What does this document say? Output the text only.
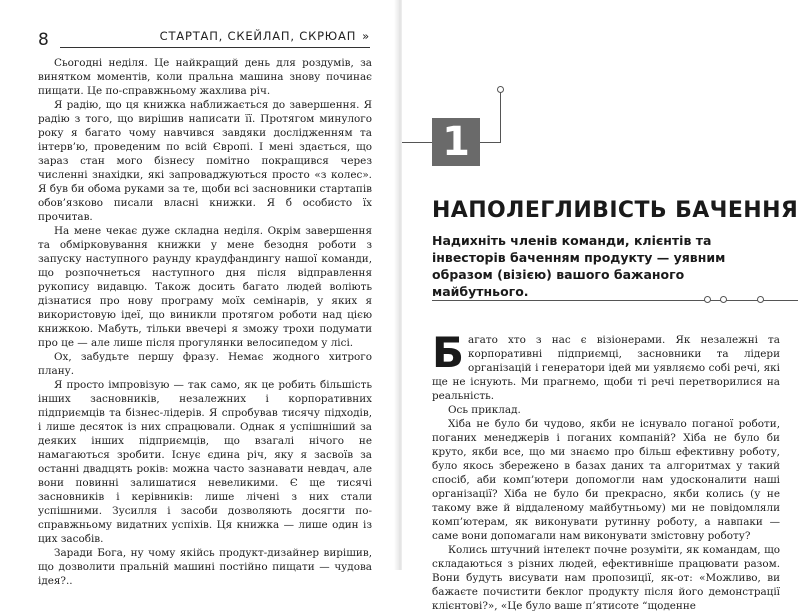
8	СТАРТАП, СКЕЙЛАП, СКРЮАП »

Сьогодні неділя. Це найкращий день для роздумів, за винятком моментів, коли пральна машина знову починає пищати. Це по-справжньому жахлива річ.

Я радію, що ця книжка наближається до завершення. Я радію з того, що вирішив написати її. Протягом минулого року я багато чому навчився завдяки дослідженням та інтерв’ю, проведеним по всій Європі. І мені здається, що зараз стан мого бізнесу помітно покращився через численні знахідки, які запроваджуються просто «з колес». Я був би обома руками за те, щоби всі засновники стартапів обов’язково писали власні книжки. Я б особисто їх прочитав.

На мене чекає дуже складна неділя. Окрім завершення та обмірковування книжки у мене безодня роботи з запуску наступного раунду краудфандингу нашої команди, що розпочнеться наступного дня після відправлення рукопису видавцю. Також досить багато людей воліють дізнатися про нову програму моїх семінарів, у яких я використовую ідеї, що виникли протягом роботи над цією книжкою. Мабуть, тільки ввечері я зможу трохи подумати про це — але лише після прогулянки велосипедом у лісі.

Ох, забудьте першу фразу. Немає жодного хитрого плану.

Я просто імпровізую — так само, як це робить більшість інших засновників, незалежних і корпоративних підприємців та бізнес-лідерів. Я спробував тисячу підходів, і лише десяток із них спрацювали. Однак я успішніший за деяких інших підприємців, що взагалі нічого не намагаються зробити. Існує єдина річ, яку я засвоїв за останні двадцять років: можна часто зазнавати невдач, але вони повинні залишатися невеликими. Є ще тисячі засновників і керівників: лише лічені з них стали успішними. Зусилля і засоби дозволяють досягти по-справжньому видатних успіхів. Ця книжка — лише один із цих засобів.

Заради Бога, ну чому якійсь продукт-дизайнер вирішив, що дозволити пральній машині постійно пищати — чудова ідея?..

1
НАПОЛЕГЛИВІСТЬ БАЧЕННЯ
Надихніть членів команди, клієнтів та інвесторів баченням продукту — уявним образом (візією) вашого бажаного майбутнього.

Багато хто з нас є візіонерами. Як незалежні та корпоративні підприємці, засновники та лідери організацій і генератори ідей ми уявляємо собі речі, які ще не існують. Ми прагнемо, щоби ті речі перетворилися на реальність.

Ось приклад.

Хіба не було би чудово, якби не існувало поганої роботи, поганих менеджерів і поганих компаній? Хіба не було би круто, якби все, що ми знаємо про більш ефективну роботу, було якось збережено в базах даних та алгоритмах у такий спосіб, аби комп’ютери допомогли нам удосконалити наші організації? Хіба не було би прекрасно, якби колись (у не такому вже й віддаленому майбутньому) ми не повідомляли комп’ютерам, як виконувати рутинну роботу, а навпаки — саме вони допомагали нам виконувати змістовну роботу?

Колись штучний інтелект почне розуміти, як командам, що складаються з різних людей, ефективніше працювати разом. Вони будуть висувати нам пропозиції, як-от: «Можливо, ви бажаєте почистити беклог продукту після його демонстрації клієнтові?», «Це було ваше п’ятисоте “щоденне
